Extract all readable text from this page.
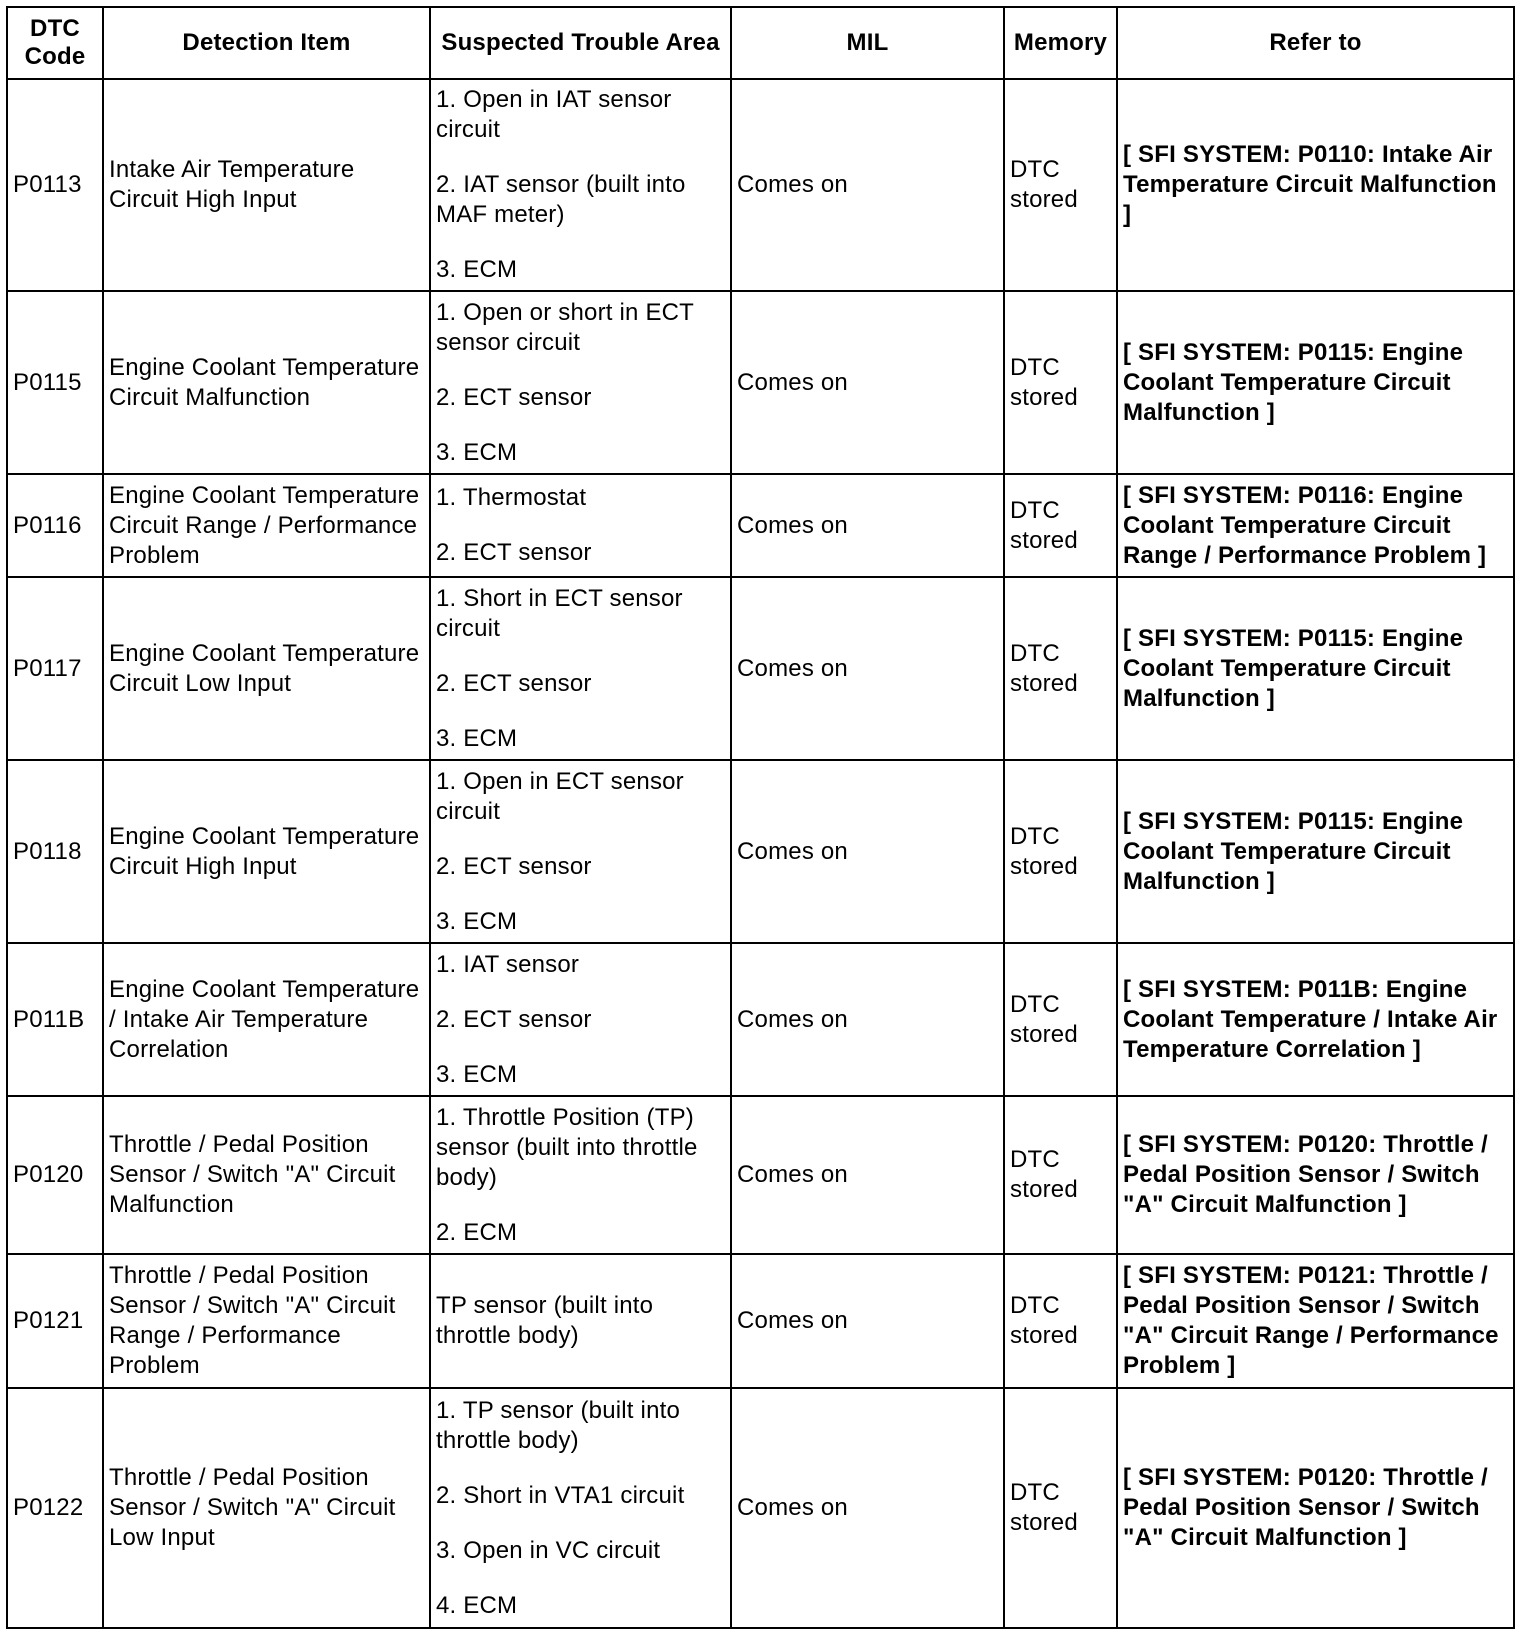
DTC Code	Detection Item	Suspected Trouble Area	MIL	Memory	Refer to
P0113	Intake Air Temperature Circuit High Input	1. Open in IAT sensor circuit
2. IAT sensor (built into MAF meter)
3. ECM	Comes on	DTC stored	[ SFI SYSTEM: P0110: Intake Air Temperature Circuit Malfunction ]
P0115	Engine Coolant Temperature Circuit Malfunction	1. Open or short in ECT sensor circuit
2. ECT sensor
3. ECM	Comes on	DTC stored	[ SFI SYSTEM: P0115: Engine Coolant Temperature Circuit Malfunction ]
P0116	Engine Coolant Temperature Circuit Range / Performance Problem	1. Thermostat
2. ECT sensor	Comes on	DTC stored	[ SFI SYSTEM: P0116: Engine Coolant Temperature Circuit Range / Performance Problem ]
P0117	Engine Coolant Temperature Circuit Low Input	1. Short in ECT sensor circuit
2. ECT sensor
3. ECM	Comes on	DTC stored	[ SFI SYSTEM: P0115: Engine Coolant Temperature Circuit Malfunction ]
P0118	Engine Coolant Temperature Circuit High Input	1. Open in ECT sensor circuit
2. ECT sensor
3. ECM	Comes on	DTC stored	[ SFI SYSTEM: P0115: Engine Coolant Temperature Circuit Malfunction ]
P011B	Engine Coolant Temperature / Intake Air Temperature Correlation	1. IAT sensor
2. ECT sensor
3. ECM	Comes on	DTC stored	[ SFI SYSTEM: P011B: Engine Coolant Temperature / Intake Air Temperature Correlation ]
P0120	Throttle / Pedal Position Sensor / Switch "A" Circuit Malfunction	1. Throttle Position (TP) sensor (built into throttle body)
2. ECM	Comes on	DTC stored	[ SFI SYSTEM: P0120: Throttle / Pedal Position Sensor / Switch "A" Circuit Malfunction ]
P0121	Throttle / Pedal Position Sensor / Switch "A" Circuit Range / Performance Problem	TP sensor (built into throttle body)	Comes on	DTC stored	[ SFI SYSTEM: P0121: Throttle / Pedal Position Sensor / Switch "A" Circuit Range / Performance Problem ]
P0122	Throttle / Pedal Position Sensor / Switch "A" Circuit Low Input	1. TP sensor (built into throttle body)
2. Short in VTA1 circuit
3. Open in VC circuit
4. ECM	Comes on	DTC stored	[ SFI SYSTEM: P0120: Throttle / Pedal Position Sensor / Switch "A" Circuit Malfunction ]
